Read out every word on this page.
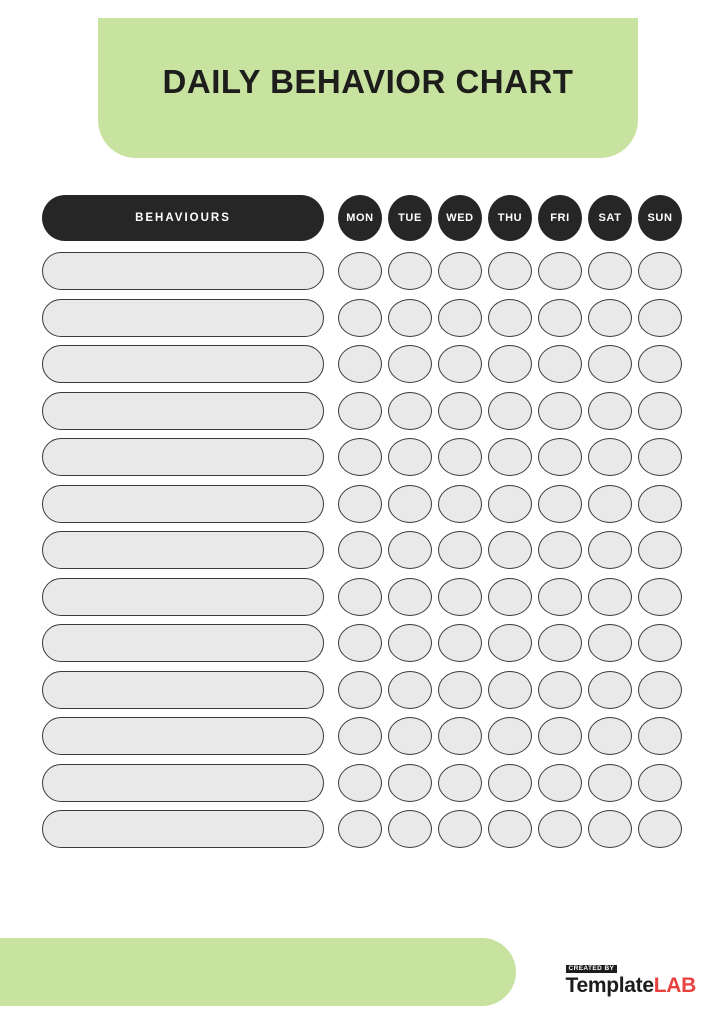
DAILY BEHAVIOR CHART
BEHAVIOURS	MON TUE WED THU	FRI	SAT SUN
CREATED BY
TemplateLAB
